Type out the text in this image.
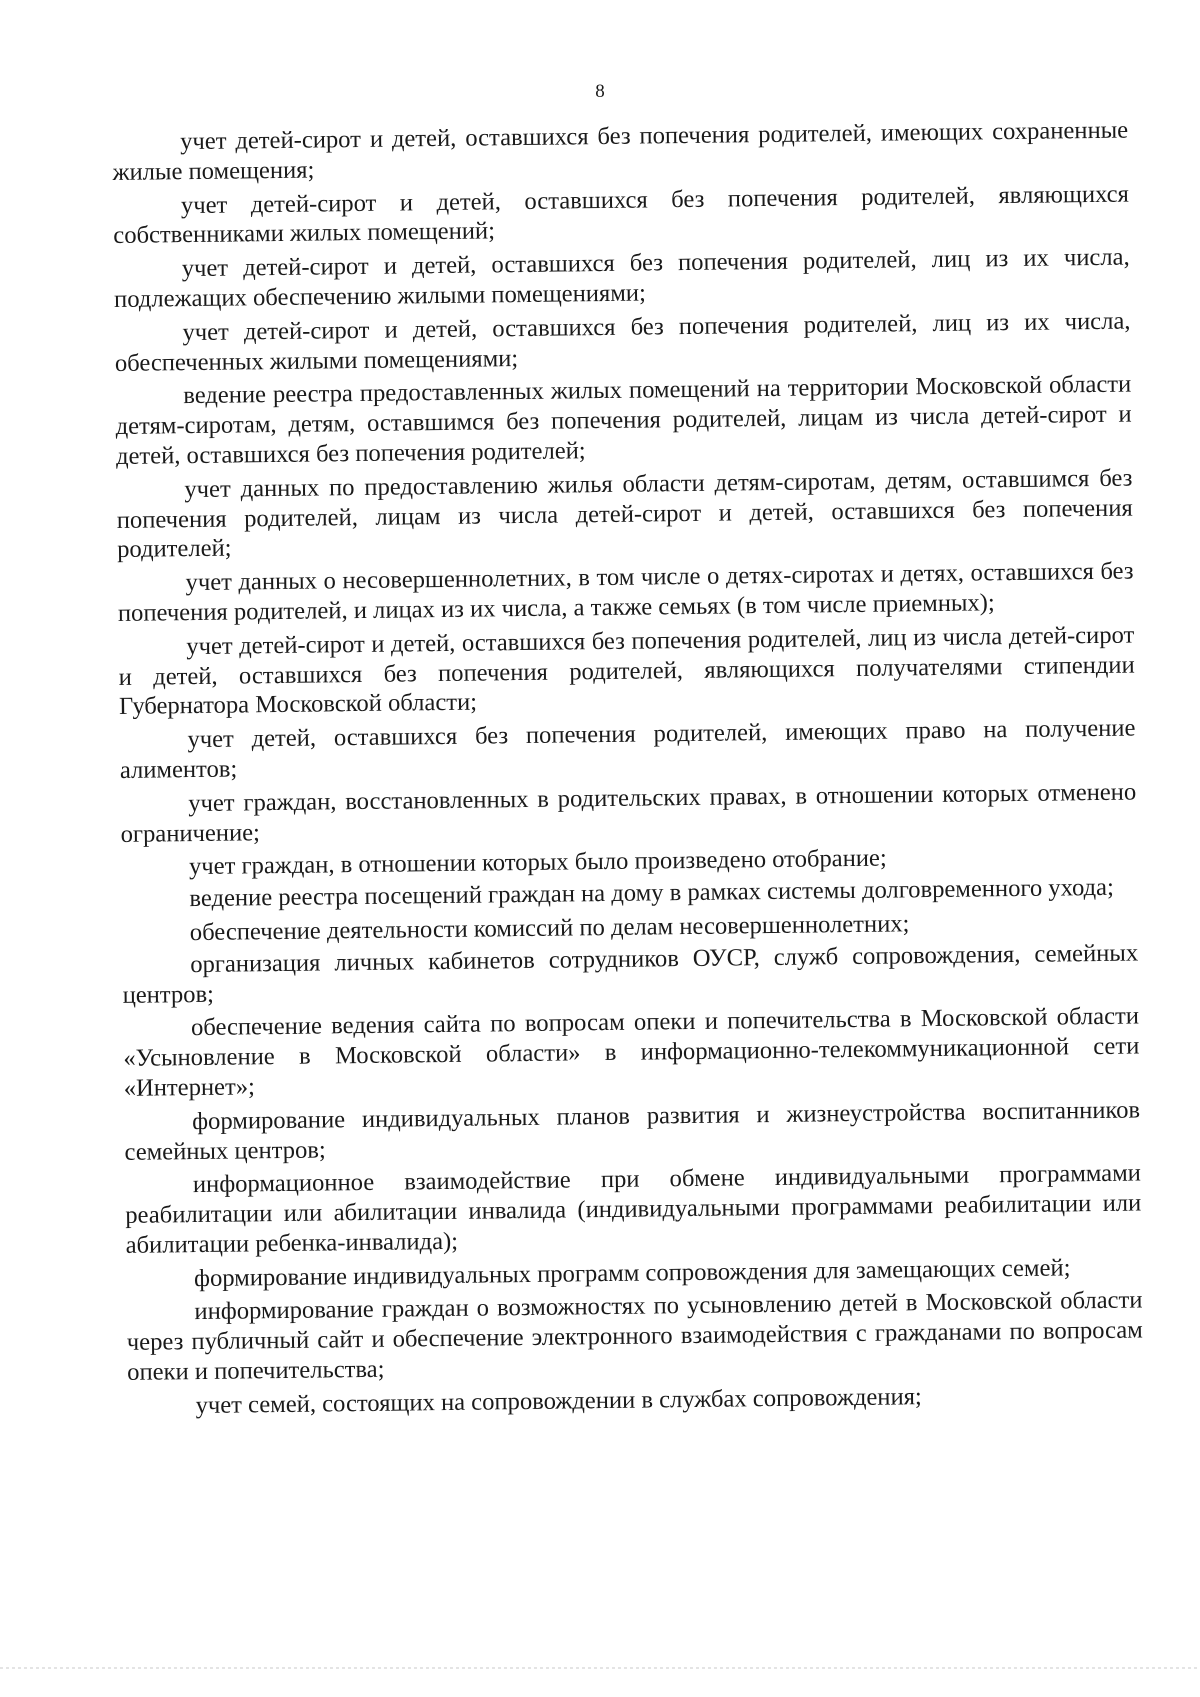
8

учет детей-сирот и детей, оставшихся без попечения родителей, имеющих сохраненные жилые помещения;

учет детей-сирот и детей, оставшихся без попечения родителей, являющихся собственниками жилых помещений;

учет детей-сирот и детей, оставшихся без попечения родителей, лиц из их числа, подлежащих обеспечению жилыми помещениями;

учет детей-сирот и детей, оставшихся без попечения родителей, лиц из их числа, обеспеченных жилыми помещениями;

ведение реестра предоставленных жилых помещений на территории Московской области детям-сиротам, детям, оставшимся без попечения родителей, лицам из числа детей-сирот и детей, оставшихся без попечения родителей;

учет данных по предоставлению жилья области детям-сиротам, детям, оставшимся без попечения родителей, лицам из числа детей-сирот и детей, оставшихся без попечения родителей;

учет данных о несовершеннолетних, в том числе о детях-сиротах и детях, оставшихся без попечения родителей, и лицах из их числа, а также семьях (в том числе приемных);

учет детей-сирот и детей, оставшихся без попечения родителей, лиц из числа детей-сирот и детей, оставшихся без попечения родителей, являющихся получателями стипендии Губернатора Московской области;

учет детей, оставшихся без попечения родителей, имеющих право на получение алиментов;

учет граждан, восстановленных в родительских правах, в отношении которых отменено ограничение;

учет граждан, в отношении которых было произведено отобрание;

ведение реестра посещений граждан на дому в рамках системы долговременного ухода;

обеспечение деятельности комиссий по делам несовершеннолетних;

организация личных кабинетов сотрудников ОУСР, служб сопровождения, семейных центров;

обеспечение ведения сайта по вопросам опеки и попечительства в Московской области «Усыновление в Московской области» в информационно-телекоммуникационной сети «Интернет»;

формирование индивидуальных планов развития и жизнеустройства воспитанников семейных центров;

информационное взаимодействие при обмене индивидуальными программами реабилитации или абилитации инвалида (индивидуальными программами реабилитации или абилитации ребенка-инвалида);

формирование индивидуальных программ сопровождения для замещающих семей;

информирование граждан о возможностях по усыновлению детей в Московской области через публичный сайт и обеспечение электронного взаимодействия с гражданами по вопросам опеки и попечительства;

учет семей, состоящих на сопровождении в службах сопровождения;
